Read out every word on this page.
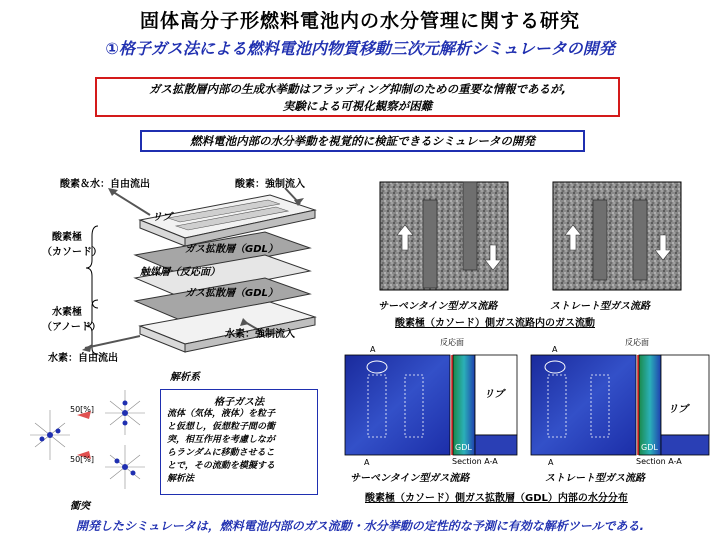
固体高分子形燃料電池内の水分管理に関する研究
①格子ガス法による燃料電池内物質移動三次元解析シミュレータの開発
ガス拡散層内部の生成水挙動はフラッディング抑制のための重要な情報であるが,
実験による可視化観察が困難
燃料電池内部の水分挙動を視覚的に検証できるシミュレータの開発
酸素＆水：自由流出	酸素：強制流入
リブ
酸素極
（カソード）	ガス拡散層（GDL）
触媒層（反応面）
ガス拡散層（GDL）
水素極
（アノード）
水素：強制流入
水素：自由流出
解析系
50[%]
50[%]
衝突
格子ガス法
流体（気体，液体）を粒子
と仮想し，仮想粒子間の衝
突，相互作用を考慮しなが
らランダムに移動させるこ
とで，その流動を模擬する
解析法
サーペンタイン型ガス流路	ストレート型ガス流路
酸素極（カソード）側ガス流路内のガス流動
A
A
A
A
反応面	反応面
リブ
リブ
GDL	GDL
Section A-A	Section A-A
サーペンタイン型ガス流路	ストレート型ガス流路
酸素極（カソード）側ガス拡散層（GDL）内部の水分分布
開発したシミュレータは，燃料電池内部のガス流動・水分挙動の定性的な予測に有効な解析ツールである.
